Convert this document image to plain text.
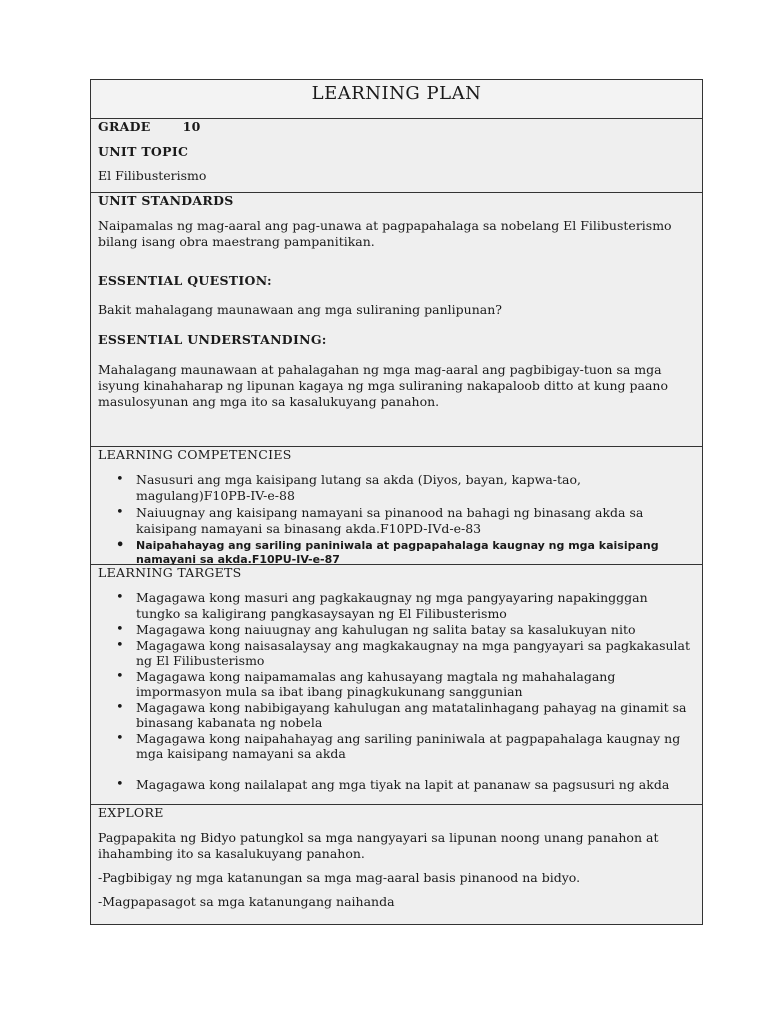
LEARNING PLAN
GRADE	10
UNIT TOPIC
El Filibusterismo
UNIT STANDARDS
Naipamalas ng mag-aaral ang pag-unawa at pagpapahalaga sa nobelang El Filibusterismo bilang isang obra maestrang pampanitikan.
ESSENTIAL QUESTION:
Bakit mahalagang maunawaan ang mga suliraning panlipunan?
ESSENTIAL UNDERSTANDING:
Mahalagang maunawaan at pahalagahan ng mga mag-aaral ang pagbibigay-tuon sa mga isyung kinahaharap ng lipunan kagaya ng mga suliraning nakapaloob ditto at kung paano masulosyunan ang mga ito sa kasalukuyang panahon.
LEARNING COMPETENCIES
• Nasusuri ang mga kaisipang lutang sa akda (Diyos, bayan, kapwa-tao, magulang)F10PB-IV-e-88
• Naiuugnay ang kaisipang namayani sa pinanood na bahagi ng binasang akda sa kaisipang namayani sa binasang akda.F10PD-IVd-e-83
• Naipahahayag ang sariling paniniwala at pagpapahalaga kaugnay ng mga kaisipang namayani sa akda.F10PU-IV-e-87
LEARNING TARGETS
• Magagawa kong masuri ang pagkakaugnay ng mga pangyayaring napakingggan tungko sa kaligirang pangkasaysayan ng El Filibusterismo
• Magagawa kong naiuugnay ang kahulugan ng salita batay sa kasalukuyan nito
• Magagawa kong naisasalaysay ang magkakaugnay na mga pangyayari sa pagkakasulat ng El Filibusterismo
• Magagawa kong naipamamalas ang kahusayang magtala ng mahahalagang impormasyon mula sa ibat ibang pinagkukunang sanggunian
• Magagawa kong nabibigayang kahulugan ang matatalinhagang pahayag na ginamit sa binasang kabanata ng nobela
• Magagawa kong naipahahayag ang sariling paniniwala at pagpapahalaga kaugnay ng mga kaisipang namayani sa akda
• Magagawa kong nailalapat ang mga tiyak na lapit at pananaw sa pagsusuri ng akda
EXPLORE
Pagpapakita ng Bidyo patungkol sa mga nangyayari sa lipunan noong unang panahon at ihahambing ito sa kasalukuyang panahon.
-Pagbibigay ng mga katanungan sa mga mag-aaral basis pinanood na bidyo.
-Magpapasagot sa mga katanungang naihanda
